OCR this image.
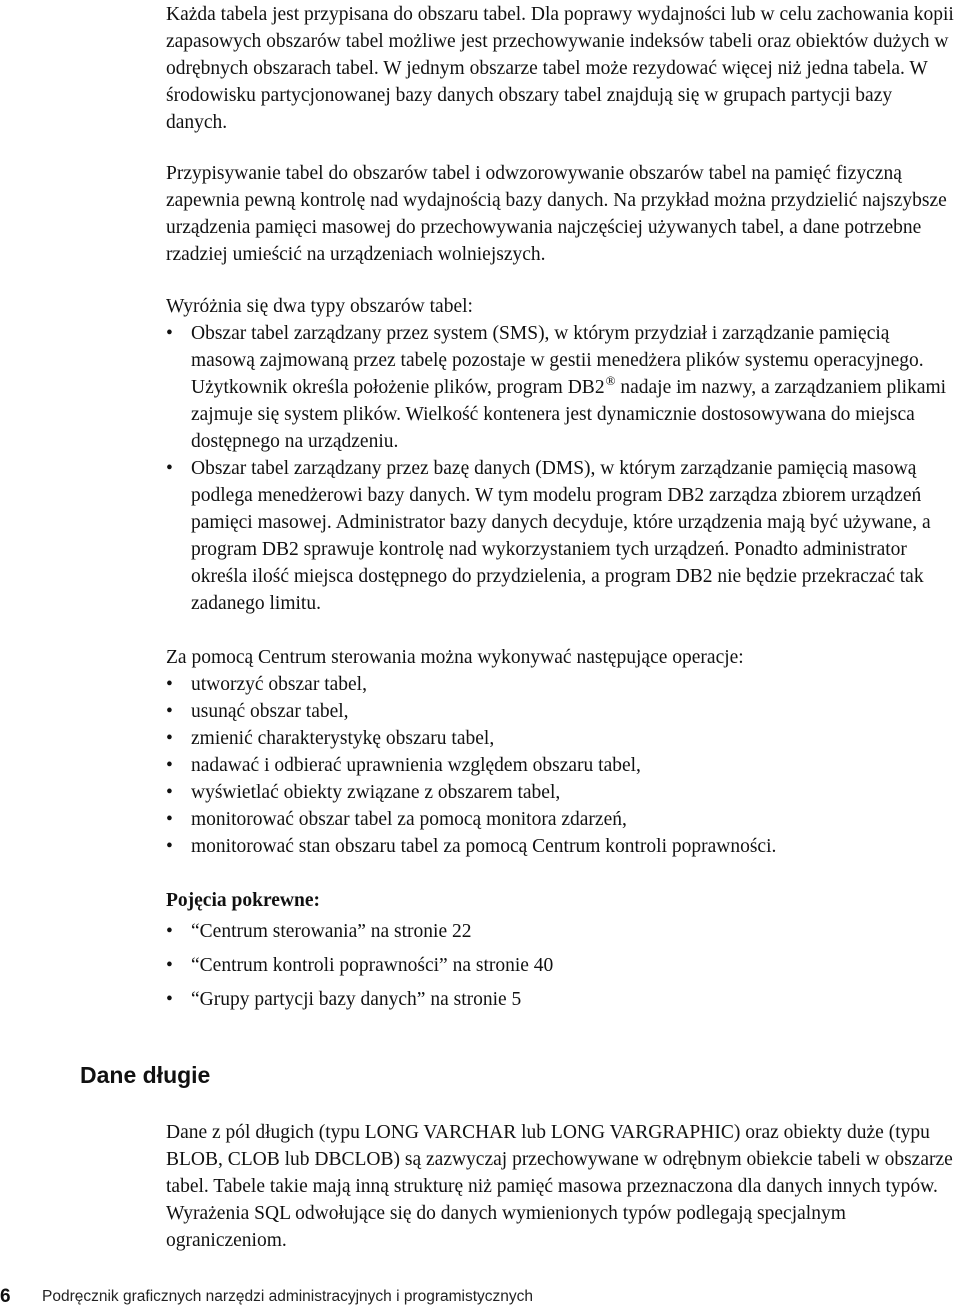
Każda tabela jest przypisana do obszaru tabel. Dla poprawy wydajności lub w celu zachowania kopii zapasowych obszarów tabel możliwe jest przechowywanie indeksów tabeli oraz obiektów dużych w odrębnych obszarach tabel. W jednym obszarze tabel może rezydować więcej niż jedna tabela. W środowisku partycjonowanej bazy danych obszary tabel znajdują się w grupach partycji bazy danych.

Przypisywanie tabel do obszarów tabel i odwzorowywanie obszarów tabel na pamięć fizyczną zapewnia pewną kontrolę nad wydajnością bazy danych. Na przykład można przydzielić najszybsze urządzenia pamięci masowej do przechowywania najczęściej używanych tabel, a dane potrzebne rzadziej umieścić na urządzeniach wolniejszych.

Wyróżnia się dwa typy obszarów tabel:

• Obszar tabel zarządzany przez system (SMS), w którym przydział i zarządzanie pamięcią masową zajmowaną przez tabelę pozostaje w gestii menedżera plików systemu operacyjnego. Użytkownik określa położenie plików, program DB2® nadaje im nazwy, a zarządzaniem plikami zajmuje się system plików. Wielkość kontenera jest dynamicznie dostosowywana do miejsca dostępnego na urządzeniu.
• Obszar tabel zarządzany przez bazę danych (DMS), w którym zarządzanie pamięcią masową podlega menedżerowi bazy danych. W tym modelu program DB2 zarządza zbiorem urządzeń pamięci masowej. Administrator bazy danych decyduje, które urządzenia mają być używane, a program DB2 sprawuje kontrolę nad wykorzystaniem tych urządzeń. Ponadto administrator określa ilość miejsca dostępnego do przydzielenia, a program DB2 nie będzie przekraczać tak zadanego limitu.

Za pomocą Centrum sterowania można wykonywać następujące operacje:

• utworzyć obszar tabel,
• usunąć obszar tabel,
• zmienić charakterystykę obszaru tabel,
• nadawać i odbierać uprawnienia względem obszaru tabel,
• wyświetlać obiekty związane z obszarem tabel,
• monitorować obszar tabel za pomocą monitora zdarzeń,
• monitorować stan obszaru tabel za pomocą Centrum kontroli poprawności.
Pojęcia pokrewne:
• “Centrum sterowania” na stronie 22
• “Centrum kontroli poprawności” na stronie 40
• “Grupy partycji bazy danych” na stronie 5
Dane długie

Dane z pól długich (typu LONG VARCHAR lub LONG VARGRAPHIC) oraz obiekty duże (typu BLOB, CLOB lub DBCLOB) są zazwyczaj przechowywane w odrębnym obiekcie tabeli w obszarze tabel. Tabele takie mają inną strukturę niż pamięć masowa przeznaczona dla danych innych typów. Wyrażenia SQL odwołujące się do danych wymienionych typów podlegają specjalnym ograniczeniom.

6 Podręcznik graficznych narzędzi administracyjnych i programistycznych
